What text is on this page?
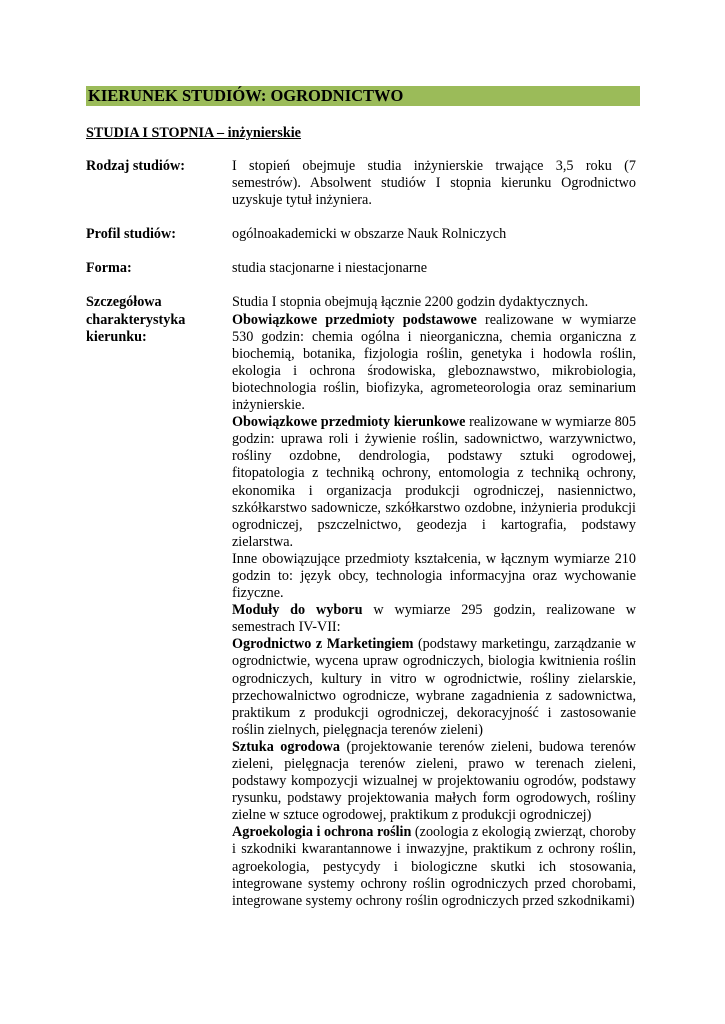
KIERUNEK STUDIÓW: OGRODNICTWO
STUDIA I STOPNIA – inżynierskie
Rodzaj studiów:	I stopień obejmuje studia inżynierskie trwające 3,5 roku (7 semestrów). Absolwent studiów I stopnia kierunku Ogrodnictwo uzyskuje tytuł inżyniera.
Profil studiów:	ogólnoakademicki w obszarze Nauk Rolniczych
Forma:	studia stacjonarne i niestacjonarne
Szczegółowa charakterystyka kierunku:

Studia I stopnia obejmują łącznie 2200 godzin dydaktycznych.

Obowiązkowe przedmioty podstawowe realizowane w wymiarze 530 godzin: chemia ogólna i nieorganiczna, chemia organiczna z biochemią, botanika, fizjologia roślin, genetyka i hodowla roślin, ekologia i ochrona środowiska, gleboznawstwo, mikrobiologia, biotechnologia roślin, biofizyka, agrometeorologia oraz seminarium inżynierskie.

Obowiązkowe przedmioty kierunkowe realizowane w wymiarze 805 godzin: uprawa roli i żywienie roślin, sadownictwo, warzywnictwo, rośliny ozdobne, dendrologia, podstawy sztuki ogrodowej, fitopatologia z techniką ochrony, entomologia z techniką ochrony, ekonomika i organizacja produkcji ogrodniczej, nasiennictwo, szkółkarstwo sadownicze, szkółkarstwo ozdobne, inżynieria produkcji ogrodniczej, pszczelnictwo, geodezja i kartografia, podstawy zielarstwa.

Inne obowiązujące przedmioty kształcenia, w łącznym wymiarze 210 godzin to: język obcy, technologia informacyjna oraz wychowanie fizyczne.

Moduły do wyboru w wymiarze 295 godzin, realizowane w semestrach IV-VII:

Ogrodnictwo z Marketingiem (podstawy marketingu, zarządzanie w ogrodnictwie, wycena upraw ogrodniczych, biologia kwitnienia roślin ogrodniczych, kultury in vitro w ogrodnictwie, rośliny zielarskie, przechowalnictwo ogrodnicze, wybrane zagadnienia z sadownictwa, praktikum z produkcji ogrodniczej, dekoracyjność i zastosowanie roślin zielnych, pielęgnacja terenów zieleni)

Sztuka ogrodowa (projektowanie terenów zieleni, budowa terenów zieleni, pielęgnacja terenów zieleni, prawo w terenach zieleni, podstawy kompozycji wizualnej w projektowaniu ogrodów, podstawy rysunku, podstawy projektowania małych form ogrodowych, rośliny zielne w sztuce ogrodowej, praktikum z produkcji ogrodniczej)

Agroekologia i ochrona roślin (zoologia z ekologią zwierząt, choroby i szkodniki kwarantannowe i inwazyjne, praktikum z ochrony roślin, agroekologia, pestycydy i biologiczne skutki ich stosowania, integrowane systemy ochrony roślin ogrodniczych przed chorobami, integrowane systemy ochrony roślin ogrodniczych przed szkodnikami)
